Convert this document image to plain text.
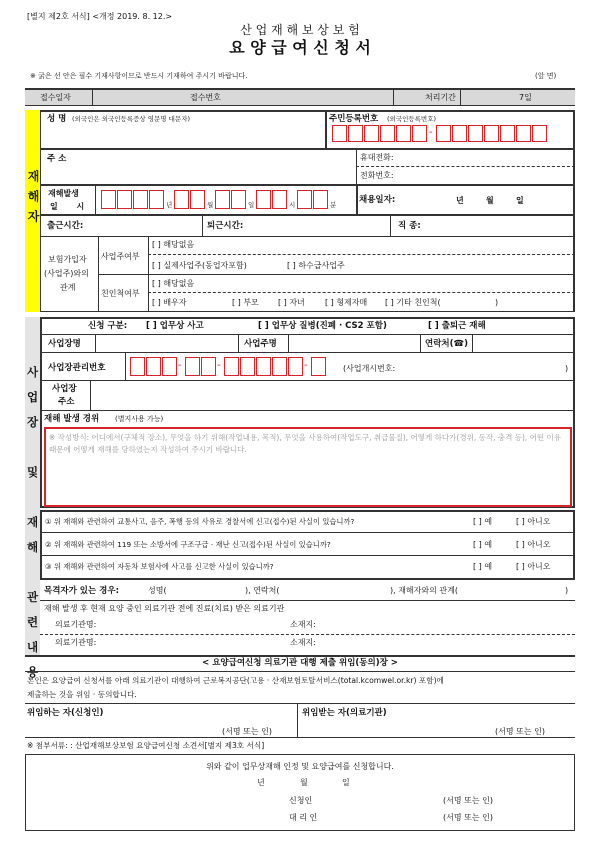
[별지 제2호 서식] <개정 2019. 8. 12.>
산 업 재 해 보 상 보 험
요 양 급 여 신 청 서
※ 굵은 선 안은 필수 기재사항이므로 반드시 기재하여 주시기 바랍니다.	(앞 면)
접수일자	접수번호	처리기간	7일
재해자
성 명 (외국인은 외국인등록증상 영문명 대문자)	주민등록번호 (외국인등록번호)
-
주 소	휴대전화:
전화번호:
재해발생
일 시	년	월	일	시	분	채용일자:	년	월	일
출근시간:	퇴근시간:	직 종:
보험가입자
(사업주)와의
관계
사업주여부
[ ] 해당없음
[ ] 실제사업주(동업자포함)	[ ] 하수급사업주
친인척여부
[ ] 해당없음
[ ] 배우자	[ ] 부모 [ ] 자녀	[ ] 형제자매 [ ] 기타 친인척(	)
사
업
장

및

재
해

관
련
내
용
신청 구분: [ ] 업무상 사고	[ ] 업무상 질병(진폐 · CS2 포함)	[ ] 출퇴근 재해
사업장명	사업주명	연락처(☎)
사업장관리번호	-	-	-	(사업개시번호:	)
사업장
주소
재해 발생 경위 (별지사용 가능)
※ 작성방식: 어디에서(구체적 장소), 무엇을 하기 위해(작업내용, 목적), 무엇을 사용하여(작업도구, 취급물질), 어떻게 하다가(경위, 동작, 충격 등), 어떤 이유 때문에 어떻게 재해를 당하였는지 작성하여 주시기 바랍니다.
① 위 재해와 관련하여 교통사고, 음주, 폭행 등의 사유로 경찰서에 신고(접수)된 사실이 있습니까?	[ ] 예	[ ] 아니오
② 위 재해와 관련하여 119 또는 소방서에 구조구급 · 재난 신고(접수)된 사실이 있습니까?	[ ] 예	[ ] 아니오
③ 위 재해와 관련하여 자동차 보험사에 사고를 신고한 사실이 있습니까?	[ ] 예	[ ] 아니오
목격자가 있는 경우:	성명(	), 연락처(	), 재해자와의 관계(	)
재해 발생 후 현재 요양 중인 의료기관 전에 진료(치료) 받은 의료기관
의료기관명:	소재지:
의료기관명:	소재지:
< 요양급여신청 의료기관 대행 제출 위임(동의)장 >
본인은 요양급여 신청서를 아래 의료기관이 대행하여 근로복지공단(고용 · 산재보험토탈서비스(total.kcomwel.or.kr) 포함)에
제출하는 것을 위임 · 동의합니다.
위임하는 자(신청인)
(서명 또는 인)
위임받는 자(의료기관)
(서명 또는 인)
※ 첨부서류: : 산업재해보상보험 요양급여신청 소견서[별지 제3호 서식]
위와 같이 업무상재해 인정 및 요양급여를 신청합니다.
년	월	일
신청인	(서명 또는 인)
대 리 인	(서명 또는 인)
